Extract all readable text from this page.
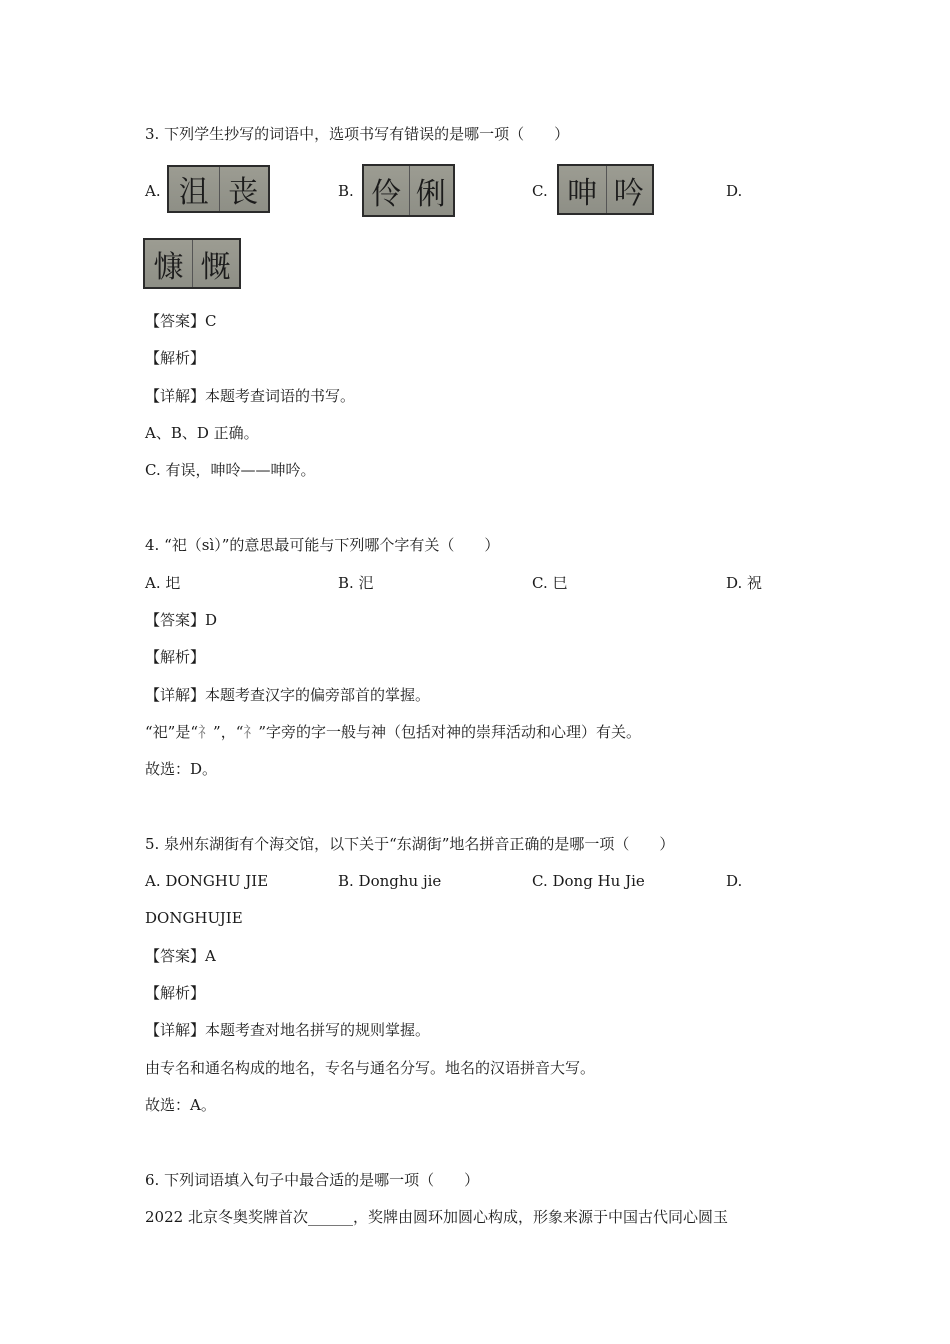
3. 下列学生抄写的词语中，选项书写有错误的是哪一项（　　）
A. 沮 丧	B. 伶 俐	C. 呻 吟	D.
慷 慨
【答案】C
【解析】
【详解】本题考查词语的书写。
A、B、D 正确。
C. 有误，呻呤——呻吟。
4. “祀（sì）”的意思最可能与下列哪个字有关（　　）
A. 圯	B. 汜	C. 巳	D. 祝
【答案】D
【解析】
【详解】本题考查汉字的偏旁部首的掌握。
“祀”是“礻”，“礻”字旁的字一般与神（包括对神的崇拜活动和心理）有关。
故选：D。
5. 泉州东湖街有个海交馆，以下关于“东湖街”地名拼音正确的是哪一项（　　）
A. DONGHU JIE	B. Donghu jie	C. Dong Hu Jie	D.
DONGHUJIE
【答案】A
【解析】
【详解】本题考查对地名拼写的规则掌握。
由专名和通名构成的地名，专名与通名分写。地名的汉语拼音大写。
故选：A。
6. 下列词语填入句子中最合适的是哪一项（　　）
2022 北京冬奥奖牌首次______，奖牌由圆环加圆心构成，形象来源于中国古代同心圆玉
